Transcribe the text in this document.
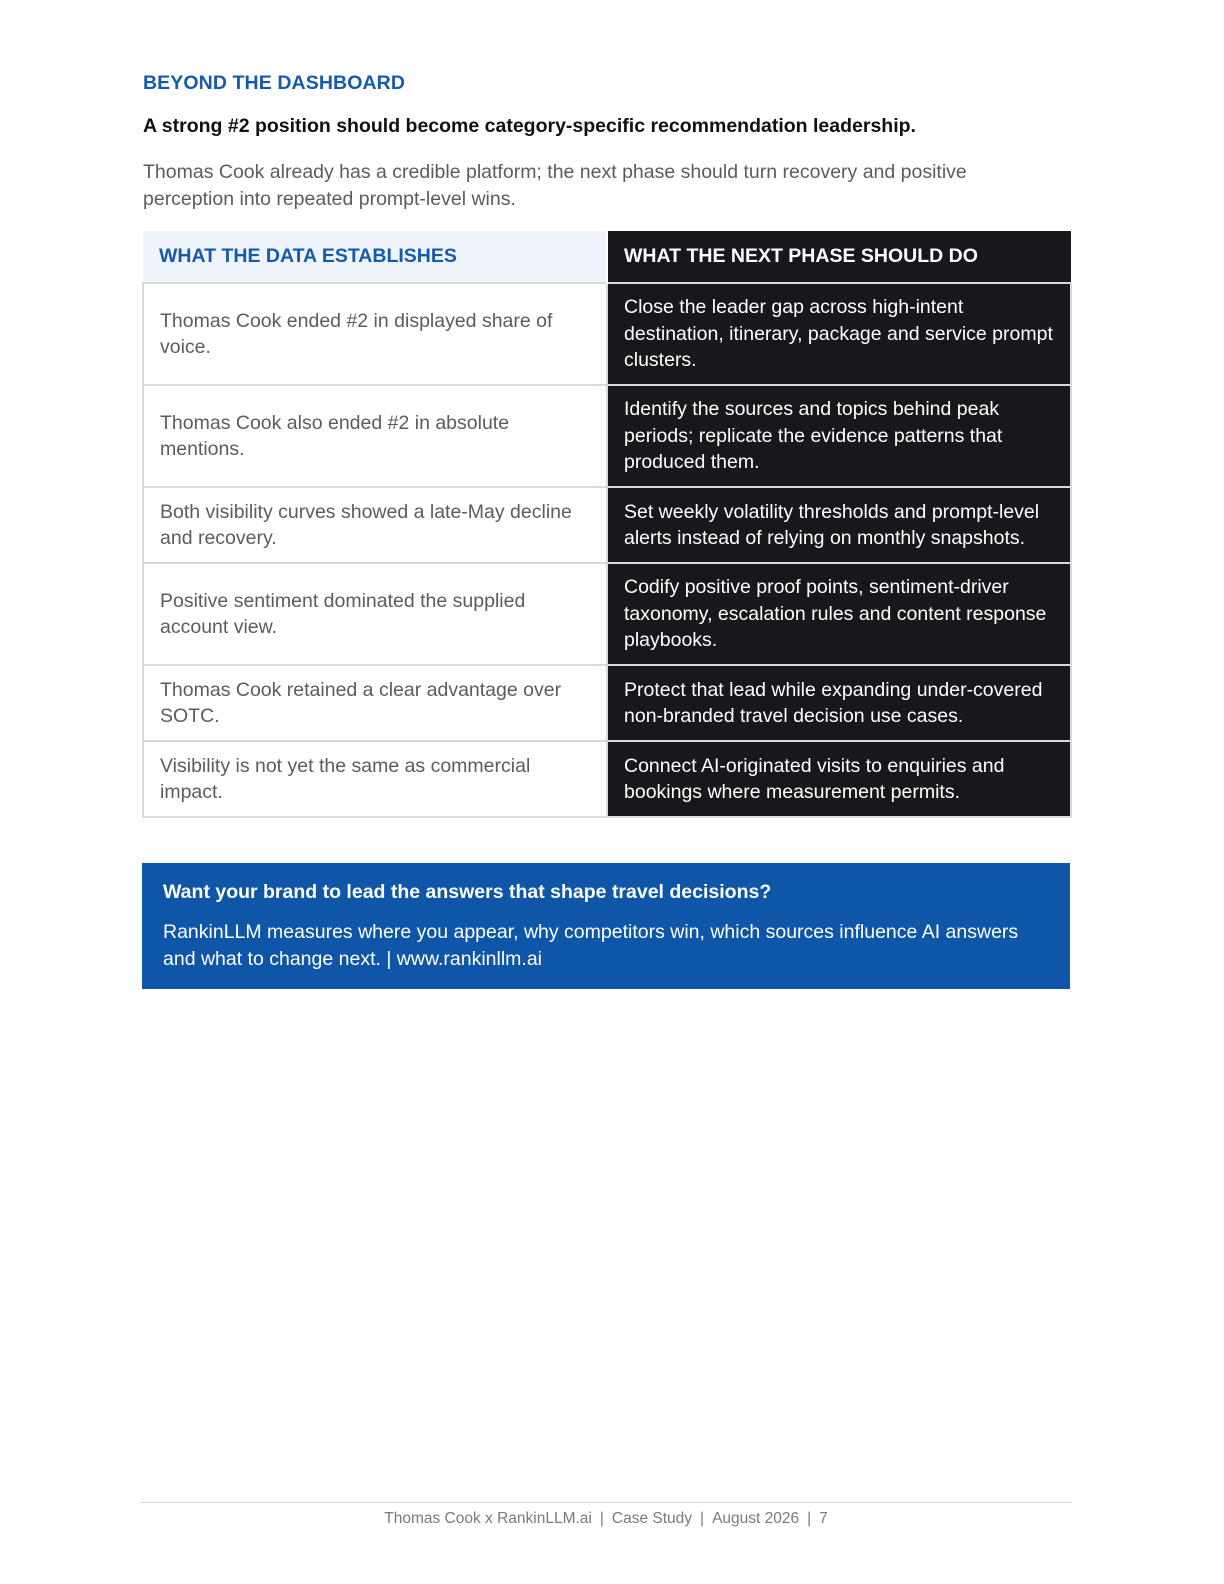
BEYOND THE DASHBOARD
A strong #2 position should become category-specific recommendation leadership.
Thomas Cook already has a credible platform; the next phase should turn recovery and positive perception into repeated prompt-level wins.
WHAT THE DATA ESTABLISHES	WHAT THE NEXT PHASE SHOULD DO
Thomas Cook ended #2 in displayed share of voice.	Close the leader gap across high-intent destination, itinerary, package and service prompt clusters.
Thomas Cook also ended #2 in absolute mentions.	Identify the sources and topics behind peak periods; replicate the evidence patterns that produced them.
Both visibility curves showed a late-May decline and recovery.	Set weekly volatility thresholds and prompt-level alerts instead of relying on monthly snapshots.
Positive sentiment dominated the supplied account view.	Codify positive proof points, sentiment-driver taxonomy, escalation rules and content response playbooks.
Thomas Cook retained a clear advantage over SOTC.	Protect that lead while expanding under-covered non-branded travel decision use cases.
Visibility is not yet the same as commercial impact.	Connect AI-originated visits to enquiries and bookings where measurement permits.
Want your brand to lead the answers that shape travel decisions?
RankinLLM measures where you appear, why competitors win, which sources influence AI answers and what to change next. | www.rankinllm.ai
Thomas Cook x RankinLLM.ai | Case Study | August 2026 | 7
